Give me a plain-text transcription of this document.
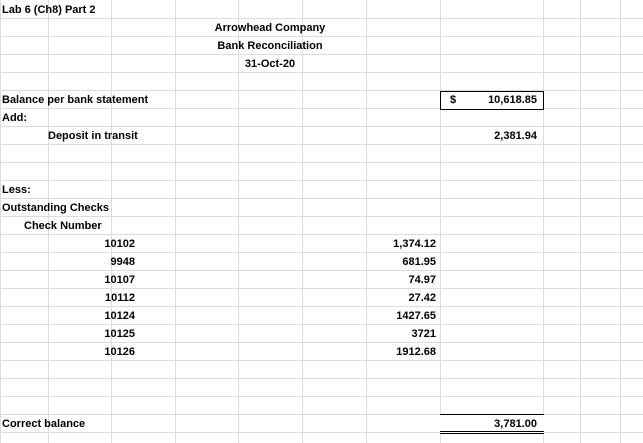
Lab 6 (Ch8) Part 2
Arrowhead Company
Bank Reconciliation
31-Oct-20
Balance per bank statement	$	10,618.85
Add:
Deposit in transit	2,381.94
Less:
Outstanding Checks
Check Number
10102	1,374.12
9948	681.95
10107	74.97
10112	27.42
10124	1427.65
10125	3721
10126	1912.68
Correct balance	3,781.00
